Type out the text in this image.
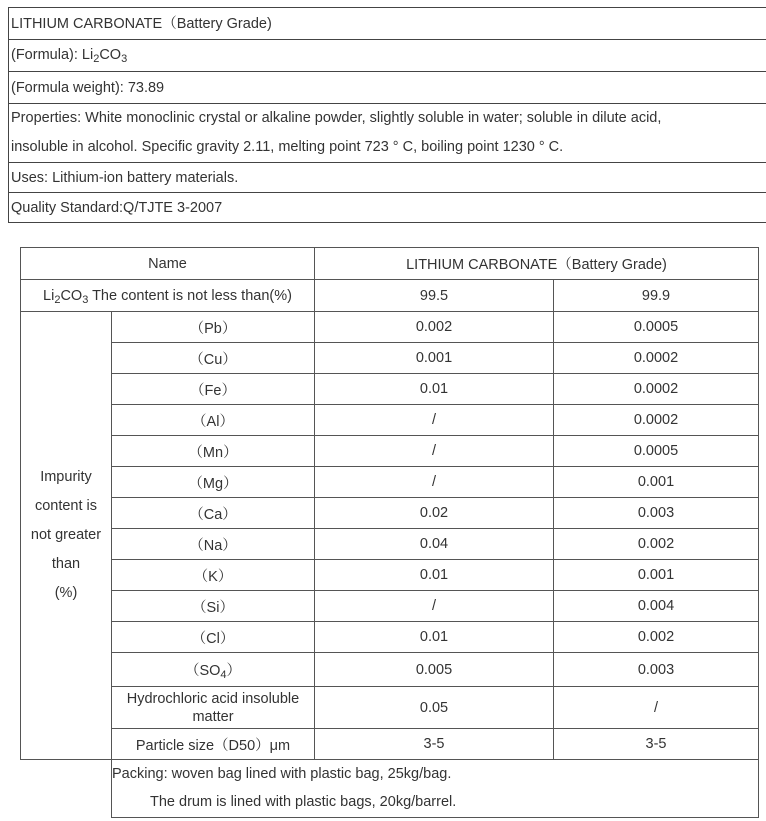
LITHIUM CARBONATE（Battery Grade)
(Formula): $Li_2CO_3$
(Formula weight): 73.89
Properties: White monoclinic crystal or alkaline powder, slightly soluble in water; soluble in dilute acid,
insoluble in alcohol. Specific gravity 2.11, melting point 723 ° C, boiling point 1230 ° C.
Uses: Lithium-ion battery materials.
Quality Standard:Q/TJTE 3-2007
Name		LITHIUM CARBONATE（Battery Grade)	
$Li_2CO_3$ The content is not less than(%)		99.5	99.9
Impurity
content is
not greater
than
(%)	（Pb）	0.002	0.0005
	（Cu）	0.001	0.0002
	（Fe）	0.01	0.0002
	（Al）	/	0.0002
	（Mn）	/	0.0005
	（Mg）	/	0.001
	（Ca）	0.02	0.003
	（Na）	0.04	0.002
	（K）	0.01	0.001
	（Si）	/	0.004
	（Cl）	0.01	0.002
	$(SO_4)$	0.005	0.003
	Hydrochloric acid insoluble
matter	0.05	/
	Particle size（D50）μm	3-5	3-5
	Packing: woven bag lined with plastic bag, 25kg/bag.

The drum is lined with plastic bags, 20kg/barrel.		
